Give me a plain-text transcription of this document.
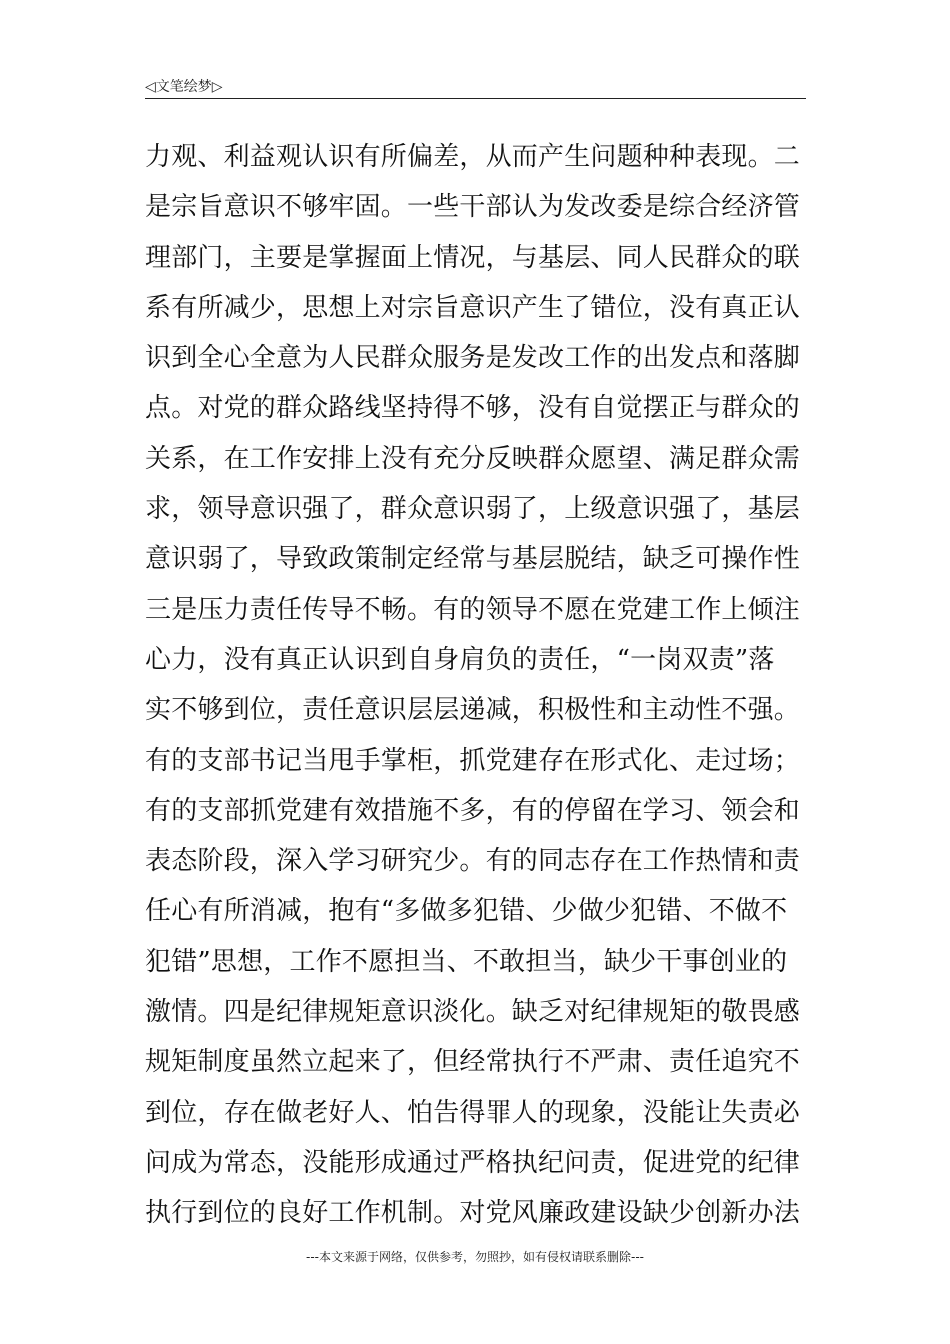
◁文笔绘梦▷
力观、利益观认识有所偏差，从而产生问题种种表现。二
是宗旨意识不够牢固。一些干部认为发改委是综合经济管
理部门，主要是掌握面上情况，与基层、同人民群众的联
系有所减少，思想上对宗旨意识产生了错位，没有真正认
识到全心全意为人民群众服务是发改工作的出发点和落脚
点。对党的群众路线坚持得不够，没有自觉摆正与群众的
关系，在工作安排上没有充分反映群众愿望、满足群众需
求，领导意识强了，群众意识弱了，上级意识强了，基层
意识弱了，导致政策制定经常与基层脱结，缺乏可操作性
三是压力责任传导不畅。有的领导不愿在党建工作上倾注
心力，没有真正认识到自身肩负的责任，“一岗双责”落
实不够到位，责任意识层层递减，积极性和主动性不强。
有的支部书记当甩手掌柜，抓党建存在形式化、走过场；
有的支部抓党建有效措施不多，有的停留在学习、领会和
表态阶段，深入学习研究少。有的同志存在工作热情和责
任心有所消减，抱有“多做多犯错、少做少犯错、不做不
犯错”思想，工作不愿担当、不敢担当，缺少干事创业的
激情。四是纪律规矩意识淡化。缺乏对纪律规矩的敬畏感
规矩制度虽然立起来了，但经常执行不严肃、责任追究不
到位，存在做老好人、怕告得罪人的现象，没能让失责必
问成为常态，没能形成通过严格执纪问责，促进党的纪律
执行到位的良好工作机制。对党风廉政建设缺少创新办法
---本文来源于网络，仅供参考，勿照抄，如有侵权请联系删除---
